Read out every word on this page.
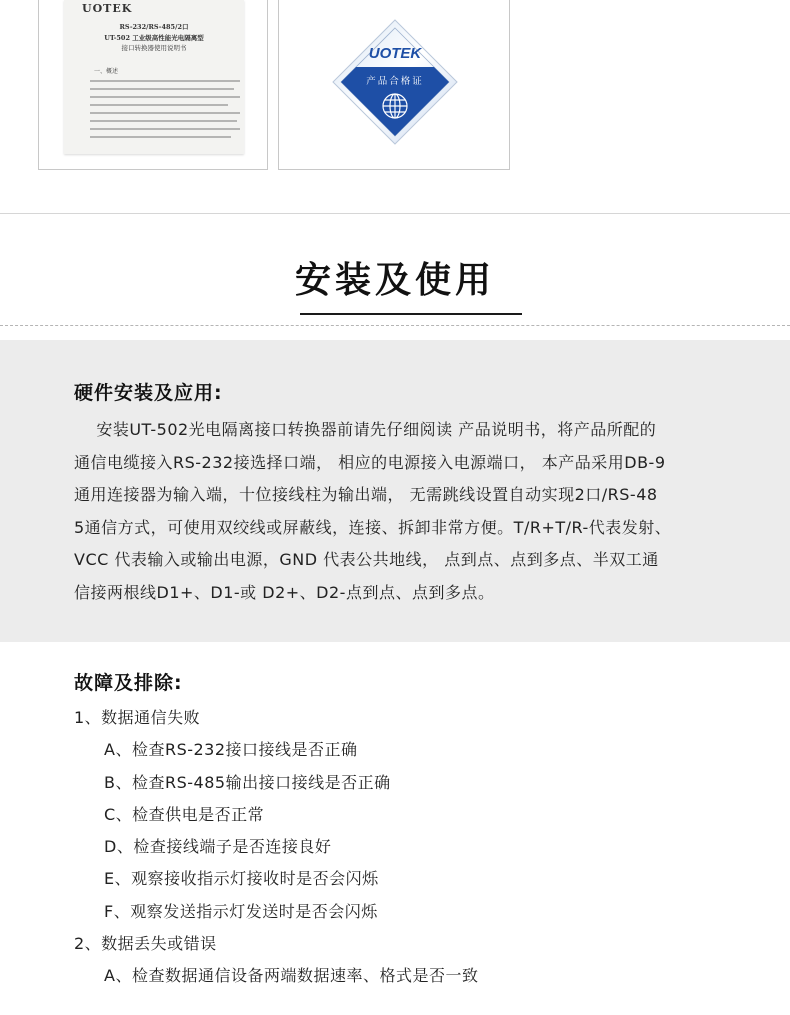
UOTEK
RS-232/RS-485/2口
UT-502 工业级高性能光电隔离型
接口转换器使用说明书
一、概述
UOTEK
产品合格证
安装及使用
硬件安装及应用:
安装UT-502光电隔离接口转换器前请先仔细阅读 产品说明书，将产品所配的
通信电缆接入RS-232接选择口端， 相应的电源接入电源端口， 本产品采用DB-9
通用连接器为输入端，十位接线柱为输出端， 无需跳线设置自动实现2口/RS-48
5通信方式，可使用双绞线或屏蔽线，连接、拆卸非常方便。T/R+T/R-代表发射、
VCC 代表输入或输出电源，GND 代表公共地线， 点到点、点到多点、半双工通
信接两根线D1+、D1-或 D2+、D2-点到点、点到多点。
故障及排除:
1、数据通信失败
A、检查RS-232接口接线是否正确
B、检查RS-485输出接口接线是否正确
C、检查供电是否正常
D、检查接线端子是否连接良好
E、观察接收指示灯接收时是否会闪烁
F、观察发送指示灯发送时是否会闪烁
2、数据丢失或错误
A、检查数据通信设备两端数据速率、格式是否一致
